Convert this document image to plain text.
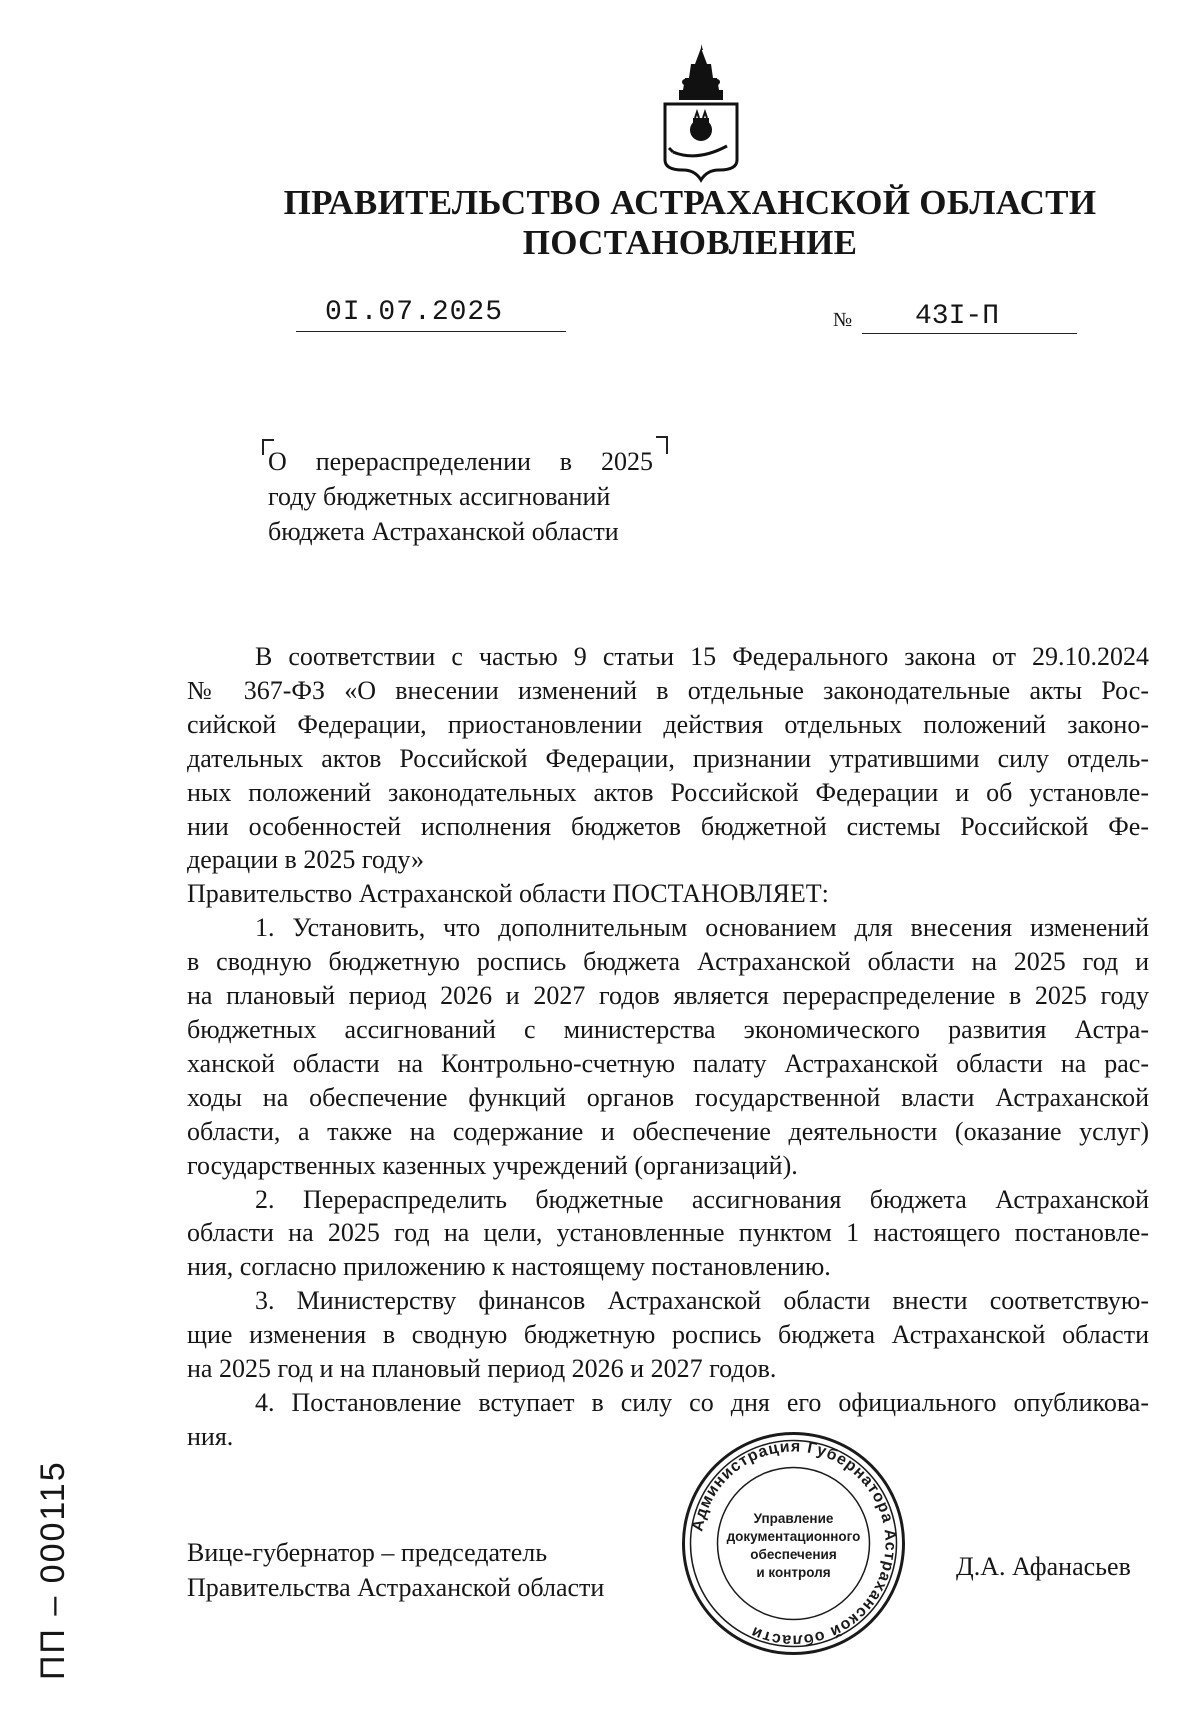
ПРАВИТЕЛЬСТВО АСТРАХАНСКОЙ ОБЛАСТИ
ПОСТАНОВЛЕНИЕ
0I.07.2025	№ 43I-П
О перераспределении в 2025
году бюджетных ассигнований
бюджета Астраханской области
В соответствии с частью 9 статьи 15 Федерального закона от 29.10.2024
№ 367-ФЗ «О внесении изменений в отдельные законодательные акты Рос-
сийской Федерации, приостановлении действия отдельных положений законо-
дательных актов Российской Федерации, признании утратившими силу отдель-
ных положений законодательных актов Российской Федерации и об установле-
нии особенностей исполнения бюджетов бюджетной системы Российской Фе-
дерации в 2025 году»
Правительство Астраханской области ПОСТАНОВЛЯЕТ:
1. Установить, что дополнительным основанием для внесения изменений
в сводную бюджетную роспись бюджета Астраханской области на 2025 год и
на плановый период 2026 и 2027 годов является перераспределение в 2025 году
бюджетных ассигнований с министерства экономического развития Астра-
ханской области на Контрольно-счетную палату Астраханской области на рас-
ходы на обеспечение функций органов государственной власти Астраханской
области, а также на содержание и обеспечение деятельности (оказание услуг)
государственных казенных учреждений (организаций).
2. Перераспределить бюджетные ассигнования бюджета Астраханской
области на 2025 год на цели, установленные пунктом 1 настоящего постановле-
ния, согласно приложению к настоящему постановлению.
3. Министерству финансов Астраханской области внести соответствую-
щие изменения в сводную бюджетную роспись бюджета Астраханской области
на 2025 год и на плановый период 2026 и 2027 годов.
4. Постановление вступает в силу со дня его официального опубликова-
ния.
Вице-губернатор – председатель
Правительства Астраханской области
Д.А. Афанасьев
Администрация Губернатора Астраханской области
Управление
документационного
обеспечения
и контроля
ПП – 000115
